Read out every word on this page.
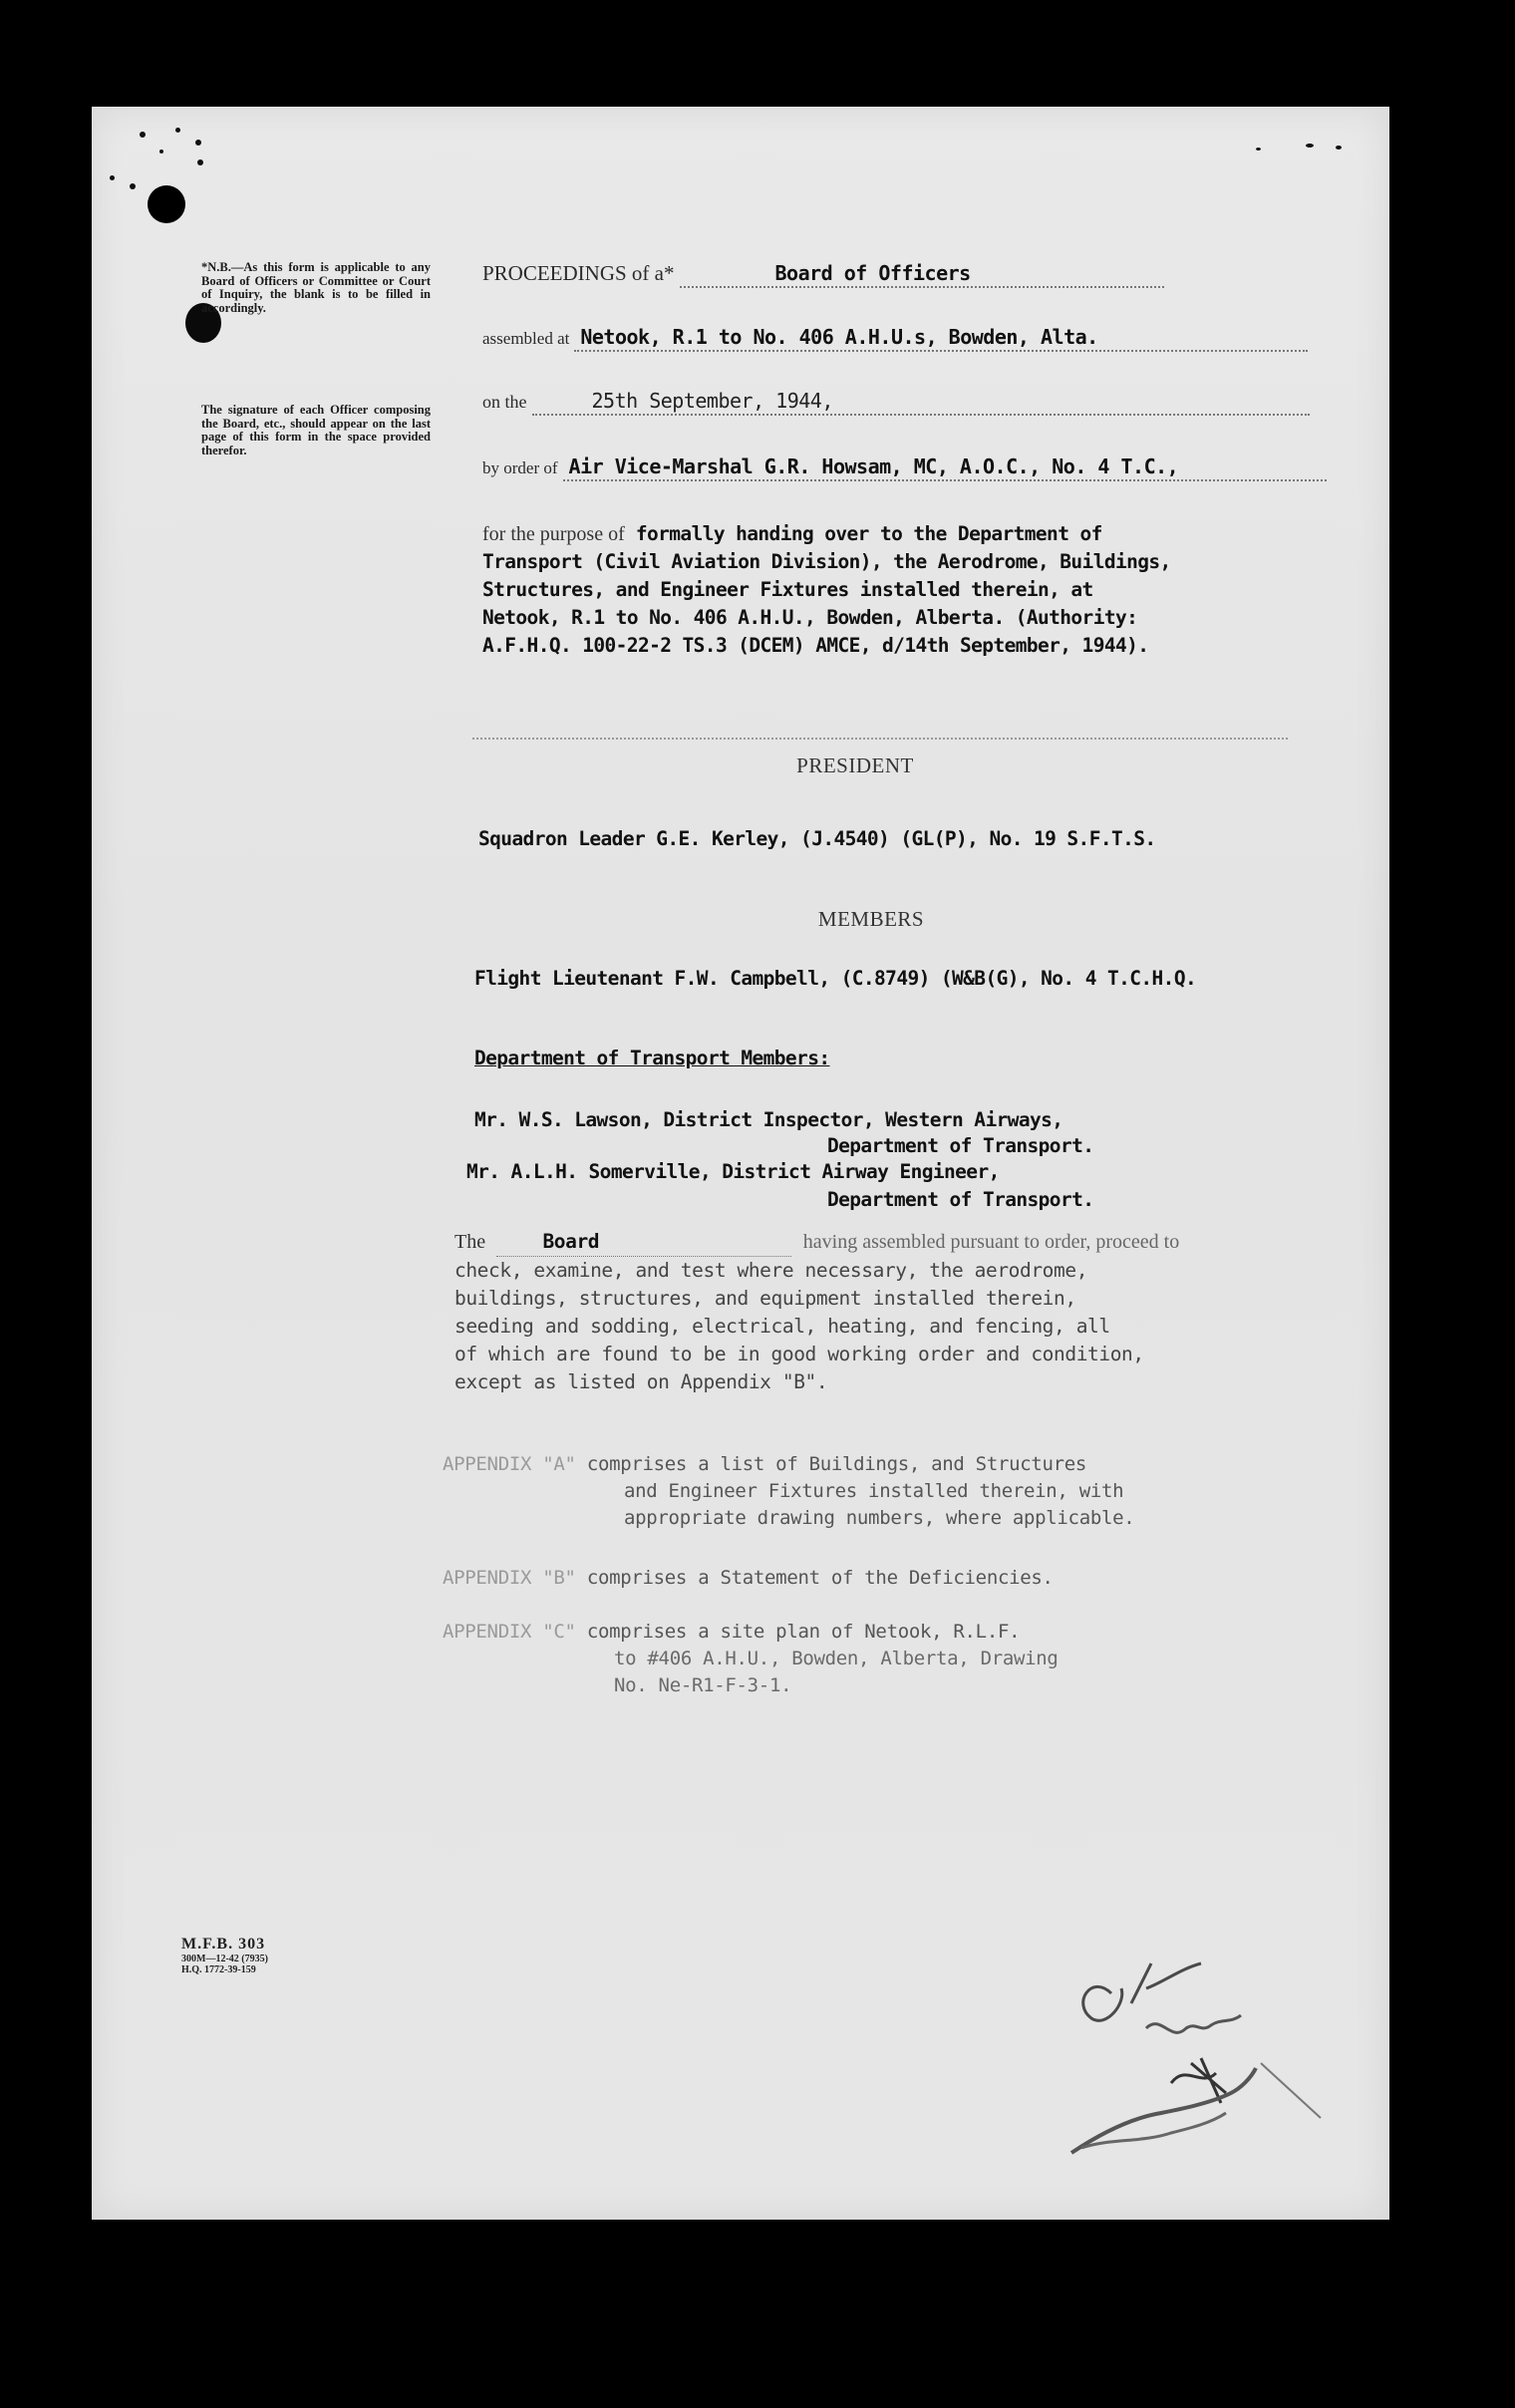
*N.B.—As this form is applicable to any Board of Officers or Committee or Court of Inquiry, the blank is to be filled in accordingly.
The signature of each Officer composing the Board, etc., should appear on the last page of this form in the space provided therefor.
PROCEEDINGS of a*	Board of Officers
assembled at Netook, R.1 to No. 406 A.H.U.s, Bowden, Alta.
on the	25th September, 1944,
by order of Air Vice-Marshal G.R. Howsam, MC, A.O.C., No. 4 T.C.,
for the purpose of formally handing over to the Department of
Transport (Civil Aviation Division), the Aerodrome, Buildings,
Structures, and Engineer Fixtures installed therein, at
Netook, R.1 to No. 406 A.H.U., Bowden, Alberta. (Authority:
A.F.H.Q. 100-22-2 TS.3 (DCEM) AMCE, d/14th September, 1944).
PRESIDENT
Squadron Leader G.E. Kerley, (J.4540) (GL(P), No. 19 S.F.T.S.
MEMBERS
Flight Lieutenant F.W. Campbell, (C.8749) (W&B(G), No. 4 T.C.H.Q.
Department of Transport Members:
Mr. W.S. Lawson, District Inspector, Western Airways,
Department of Transport.
Mr. A.L.H. Somerville, District Airway Engineer,
Department of Transport.
The	Board	having assembled pursuant to order, proceed to
check, examine, and test where necessary, the aerodrome,
buildings, structures, and equipment installed therein,
seeding and sodding, electrical, heating, and fencing, all
of which are found to be in good working order and condition,
except as listed on Appendix "B".
APPENDIX "A" comprises a list of Buildings, and Structures
and Engineer Fixtures installed therein, with
appropriate drawing numbers, where applicable.
APPENDIX "B" comprises a Statement of the Deficiencies.
APPENDIX "C" comprises a site plan of Netook, R.L.F.
to #406 A.H.U., Bowden, Alberta, Drawing
No. Ne-R1-F-3-1.
M.F.B. 303
300M—12-42 (7935)
H.Q. 1772-39-159
